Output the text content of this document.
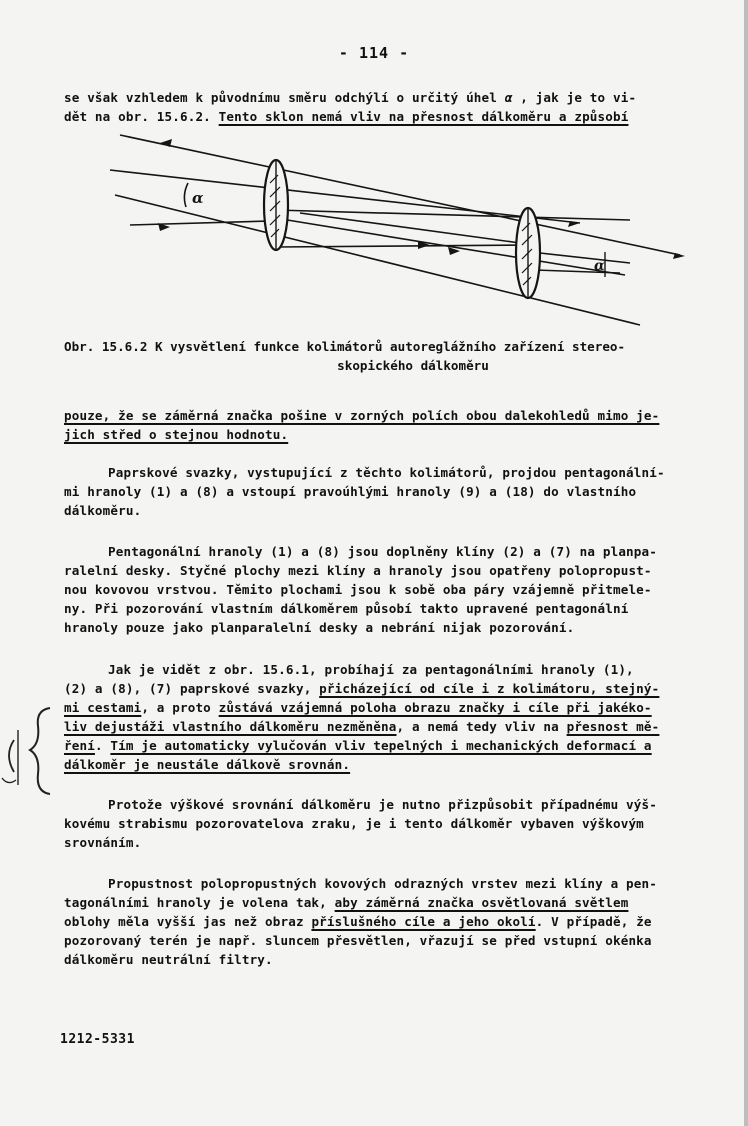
- 114 -

se však vzhledem k původnímu směru odchýlí o určitý úhel α , jak je to vi-

dět na obr. 15.6.2. Tento sklon nemá vliv na přesnost dálkoměru a způsobí

α
α
Obr. 15.6.2 K vysvětlení funkce kolimátorů autoreglážního zařízení stereo-
skopického dálkoměru

pouze, že se záměrná značka pošine v zorných polích obou dalekohledů mimo je-

jich střed o stejnou hodnotu.

Paprskové svazky, vystupující z těchto kolimátorů, projdou pentagonální-

mi hranoly (1) a (8) a vstoupí pravoúhlými hranoly (9) a (18) do vlastního

dálkoměru.

Pentagonální hranoly (1) a (8) jsou doplněny klíny (2) a (7) na planpa-

ralelní desky. Styčné plochy mezi klíny a hranoly jsou opatřeny polopropust-

nou kovovou vrstvou. Těmito plochami jsou k sobě oba páry vzájemně přitmele-

ny. Při pozorování vlastním dálkoměrem působí takto upravené pentagonální

hranoly pouze jako planparalelní desky a nebrání nijak pozorování.

Jak je vidět z obr. 15.6.1, probíhají za pentagonálními hranoly (1),

(2) a (8), (7) paprskové svazky, přicházející od cíle i z kolimátoru, stejný-

mi cestami, a proto zůstává vzájemná poloha obrazu značky i cíle při jakéko-

liv dejustáži vlastního dálkoměru nezměněna, a nemá tedy vliv na přesnost mě-

ření. Tím je automaticky vylučován vliv tepelných i mechanických deformací a

dálkoměr je neustále dálkově srovnán.

Protože výškové srovnání dálkoměru je nutno přizpůsobit případnému výš-

kovému strabismu pozorovatelova zraku, je i tento dálkoměr vybaven výškovým

srovnáním.

Propustnost polopropustných kovových odrazných vrstev mezi klíny a pen-

tagonálními hranoly je volena tak, aby záměrná značka osvětlovaná světlem

oblohy měla vyšší jas než obraz příslušného cíle a jeho okolí. V případě, že

pozorovaný terén je např. sluncem přesvětlen, vřazují se před vstupní okénka

dálkoměru neutrální filtry.

1212-5331
